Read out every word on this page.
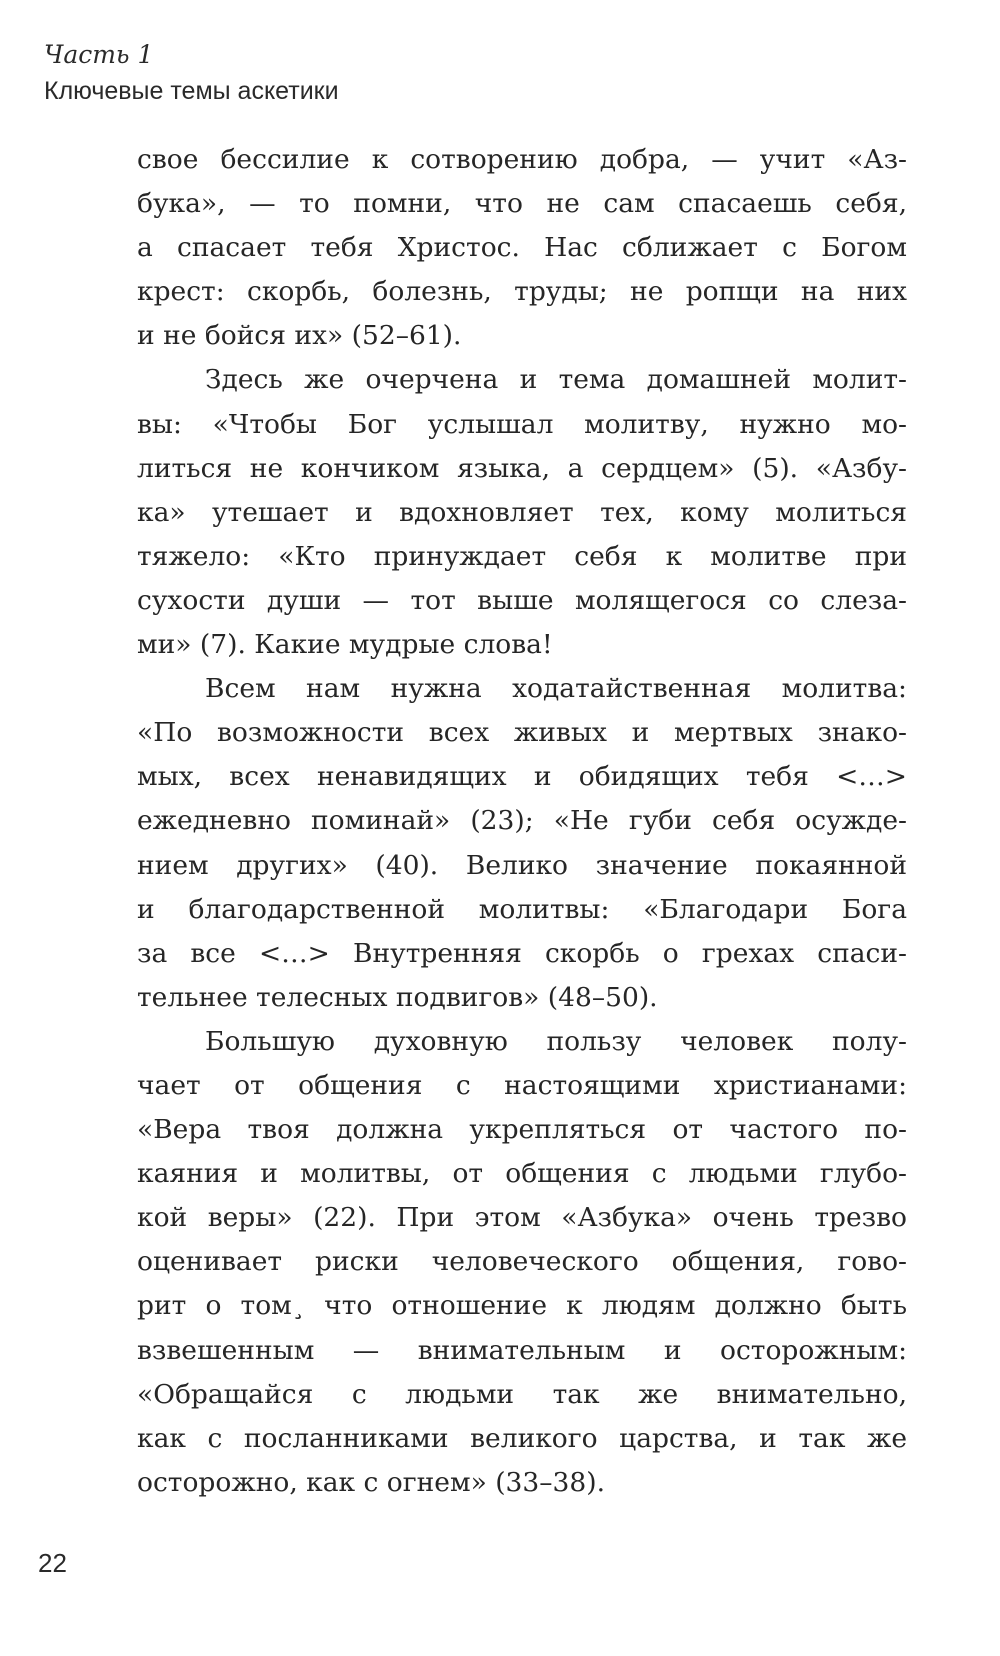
Часть 1
Ключевые темы аскетики
свое бессилие к сотворению добра, — учит «Аз-
бука», — то помни, что не сам спасаешь себя,
а спасает тебя Христос. Нас сближает с Богом
крест: скорбь, болезнь, труды; не ропщи на них
и не бойся их» (52–61).
Здесь же очерчена и тема домашней молит-
вы: «Чтобы Бог услышал молитву, нужно мо-
литься не кончиком языка, а сердцем» (5). «Азбу-
ка» утешает и вдохновляет тех, кому молиться
тяжело: «Кто принуждает себя к молитве при
сухости души — тот выше молящегося со слеза-
ми» (7). Какие мудрые слова!
Всем нам нужна ходатайственная молитва:
«По возможности всех живых и мертвых знако-
мых, всех ненавидящих и обидящих тебя <…>
ежедневно поминай» (23); «Не губи себя осужде-
нием других» (40). Велико значение покаянной
и благодарственной молитвы: «Благодари Бога
за все <…> Внутренняя скорбь о грехах спаси-
тельнее телесных подвигов» (48–50).
Большую духовную пользу человек полу-
чает от общения с настоящими христианами:
«Вера твоя должна укрепляться от частого по-
каяния и молитвы, от общения с людьми глубо-
кой веры» (22). При этом «Азбука» очень трезво
оценивает риски человеческого общения, гово-
рит о том¸ что отношение к людям должно быть
взвешенным — внимательным и осторожным:
«Обращайся с людьми так же внимательно,
как с посланниками великого царства, и так же
осторожно, как с огнем» (33–38).
22
